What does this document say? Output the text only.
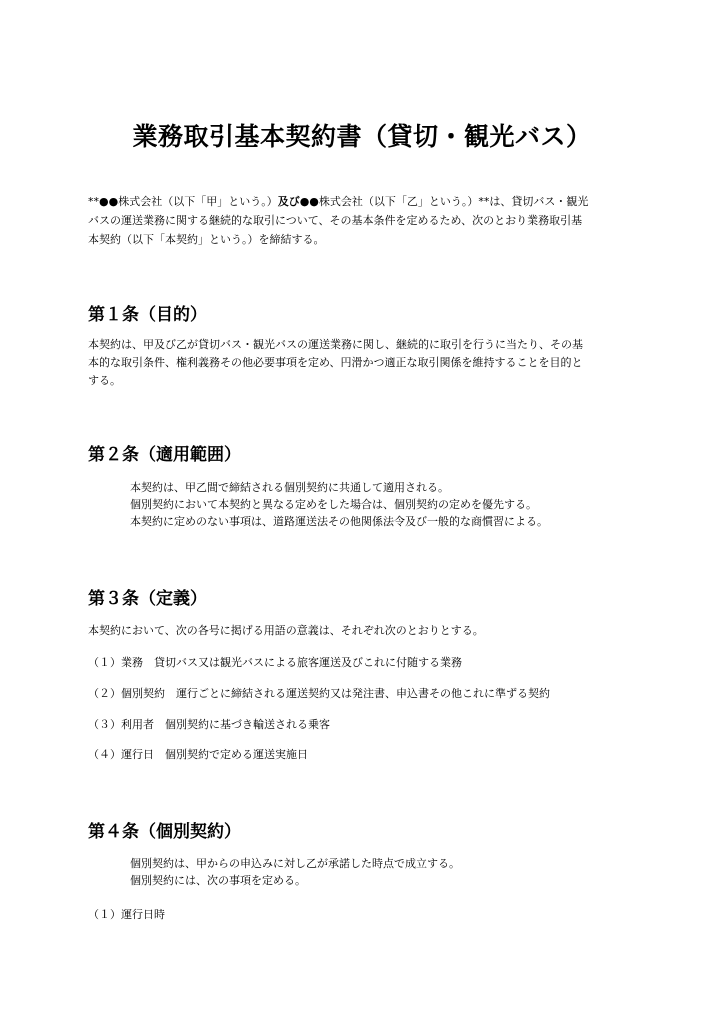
業務取引基本契約書（貸切・観光バス）

**●●株式会社（以下「甲」という。）及び●●株式会社（以下「乙」という。）**は、貸切バス・観光

バスの運送業務に関する継続的な取引について、その基本条件を定めるため、次のとおり業務取引基

本契約（以下「本契約」という。）を締結する。

第１条（目的）

本契約は、甲及び乙が貸切バス・観光バスの運送業務に関し、継続的に取引を行うに当たり、その基

本的な取引条件、権利義務その他必要事項を定め、円滑かつ適正な取引関係を維持することを目的と

する。

第２条（適用範囲）

本契約は、甲乙間で締結される個別契約に共通して適用される。

個別契約において本契約と異なる定めをした場合は、個別契約の定めを優先する。

本契約に定めのない事項は、道路運送法その他関係法令及び一般的な商慣習による。

第３条（定義）

本契約において、次の各号に掲げる用語の意義は、それぞれ次のとおりとする。

（１）業務　貸切バス又は観光バスによる旅客運送及びこれに付随する業務
（２）個別契約　運行ごとに締結される運送契約又は発注書、申込書その他これに準ずる契約
（３）利用者　個別契約に基づき輸送される乗客
（４）運行日　個別契約で定める運送実施日
第４条（個別契約）

個別契約は、甲からの申込みに対し乙が承諾した時点で成立する。

個別契約には、次の事項を定める。

（１）運行日時
